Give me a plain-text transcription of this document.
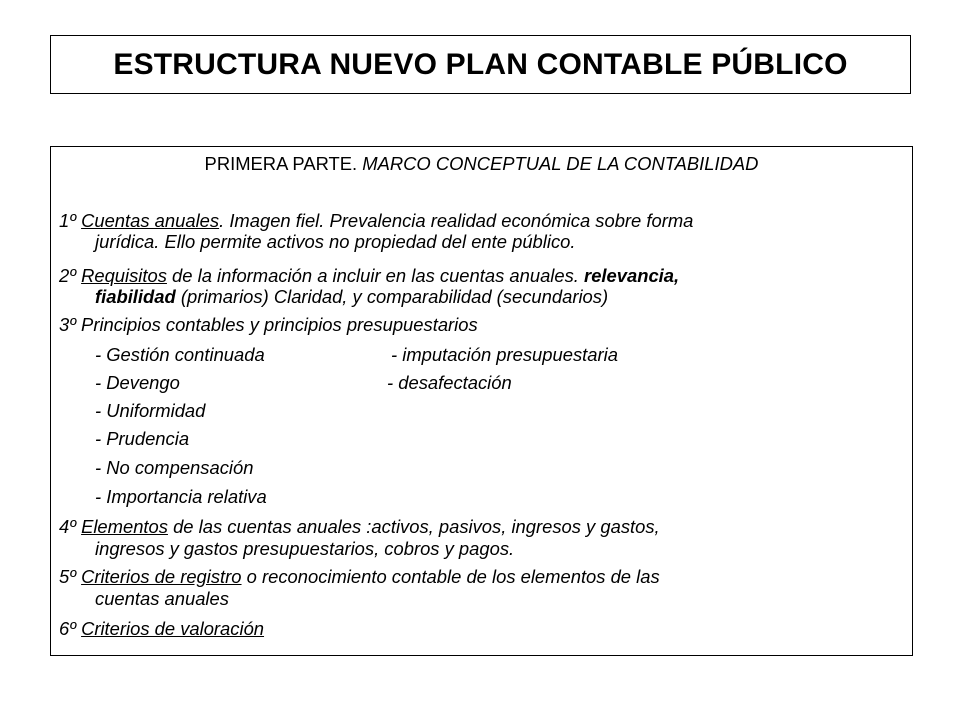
ESTRUCTURA NUEVO PLAN CONTABLE PÚBLICO
PRIMERA PARTE. MARCO CONCEPTUAL DE LA CONTABILIDAD
1º Cuentas anuales. Imagen fiel. Prevalencia realidad económica sobre forma
jurídica. Ello permite activos no propiedad del ente público.
2º Requisitos de la información a incluir en las cuentas anuales. relevancia,
fiabilidad (primarios) Claridad, y comparabilidad (secundarios)
3º Principios contables y principios presupuestarios
- Gestión continuada	- imputación presupuestaria
- Devengo	- desafectación
- Uniformidad
- Prudencia
- No compensación
- Importancia relativa
4º Elementos de las cuentas anuales :activos, pasivos, ingresos y gastos,
ingresos y gastos presupuestarios, cobros y pagos.
5º Criterios de registro o reconocimiento contable de los elementos de las
cuentas anuales
6º Criterios de valoración
